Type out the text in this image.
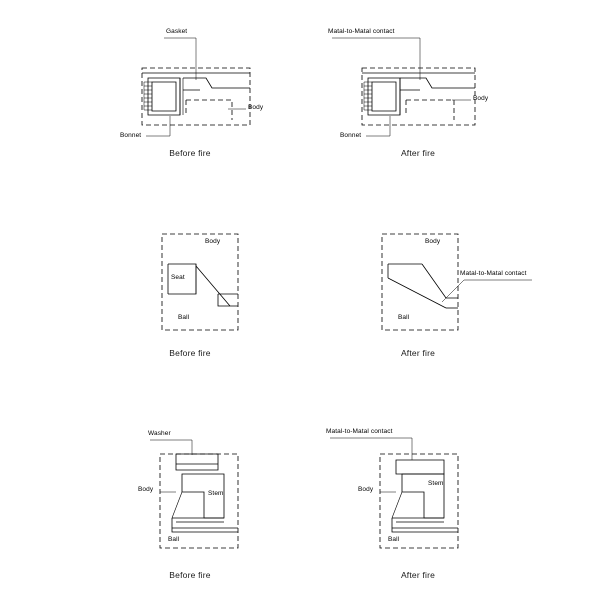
Gasket
Body
Bonnet
Before fire
Matal-to-Matal contact
Body
Bonnet
After fire
Body
Seat
Ball
Before fire
Body
Matal-to-Matal contact
Ball
After fire
Washer
Body
Stem
Ball
Before fire
Matal-to-Matal contact
Body
Stem
Ball
After fire
